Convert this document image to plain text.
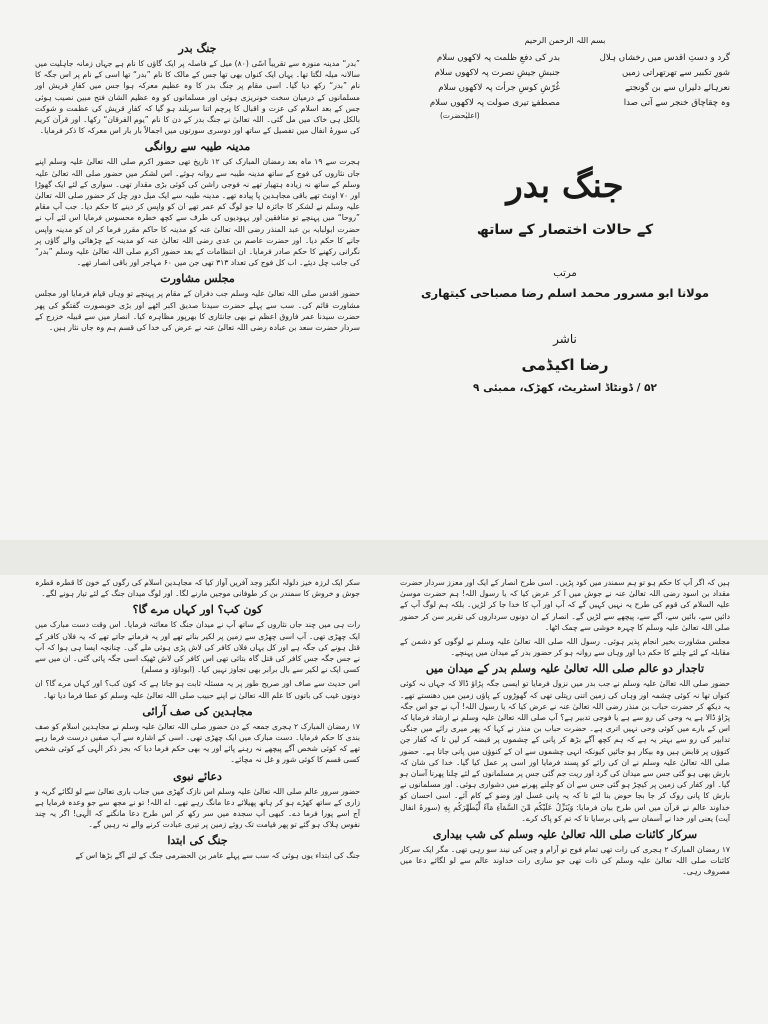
بسم اللہ الرحمن الرحیم
گرد و دستِ اقدس میں رخشاں ہلال
بدر کی دفعِ ظلمت پہ لاکھوں سلام
شورِ تکبیر سے تھرتھراتی زمیں
جنبشِ جیشِ نصرت پہ لاکھوں سلام
نعرہائے دلیراں سے بن گونجتے
غُرّشِ کوسِ جرأت پہ لاکھوں سلام
وہ چقاچاق خنجر سے آتی صدا
مصطفےٰ تیری صولت پہ لاکھوں سلام
(اعلیٰحضرت)
جنگ بدر
کے حالات اختصار کے ساتھ
مرتب
مولانا ابو مسرور محمد اسلم رضا مصباحی کیتھاری
ناشر
رضا اکیڈمی
۵۲ / ڈونٹاڈ اسٹریٹ، کھڑک، ممبئی ۹
جنگ بدر

”بدر“ مدینہ منورہ سے تقریباً اسّی (۸۰) میل کے فاصلہ پر ایک گاؤں کا نام ہے جہاں زمانہ جاہلیت میں سالانہ میلہ لگتا تھا۔ یہاں ایک کنواں بھی تھا جس کے مالک کا نام ”بدر“ تھا اسی کے نام پر اس جگہ کا نام ”بدر“ رکھ دیا گیا۔ اسی مقام پر جنگ بدر کا وہ عظیم معرکہ ہوا جس میں کفارِ قریش اور مسلمانوں کے درمیان سخت خونریزی ہوئی اور مسلمانوں کو وہ عظیم الشان فتح مبین نصیب ہوئی جس کے بعد اسلام کی عزت و اقبال کا پرچم اتنا سربلند ہو گیا کہ کفارِ قریش کی عظمت و شوکت بالکل ہی خاک میں مل گئی۔ اللہ تعالیٰ نے جنگ بدر کے دن کا نام ”یوم الفرقان“ رکھا۔ اور قرآن کریم کی سورۂ انفال میں تفصیل کے ساتھ اور دوسری سورتوں میں اجمالاً بار بار اس معرکہ کا ذکر فرمایا۔

مدینہ طیبہ سے روانگی

ہجرت سے ۱۹ ماہ بعد رمضان المبارک کی ۱۲ تاریخ تھی حضور اکرم صلی اللہ تعالیٰ علیہ وسلم اپنے جاں نثاروں کی فوج کے ساتھ مدینہ طیبہ سے روانہ ہوئے۔ اس لشکر میں حضور صلی اللہ تعالیٰ علیہ وسلم کے ساتھ نہ زیادہ ہتھیار تھے نہ فوجی راشن کی کوئی بڑی مقدار تھی۔ سواری کے لئے ایک گھوڑا اور ۷۰ اونٹ تھے باقی مجاہدین پا پیادہ تھے۔ مدینہ طیبہ سے ایک میل دور چل کر حضور صلی اللہ تعالیٰ علیہ وسلم نے لشکر کا جائزہ لیا جو لوگ کم عمر تھے ان کو واپس کر دینے کا حکم دیا۔ جب آپ مقام ”روحا“ میں پہنچے تو منافقین اور یہودیوں کی طرف سے کچھ خطرہ محسوس فرمایا اس لئے آپ نے حضرت ابولبابہ بن عبد المنذر رضی اللہ تعالیٰ عنہ کو مدینہ کا حاکم مقرر فرما کر ان کو مدینہ واپس جانے کا حکم دیا۔ اور حضرت عاصم بن عدی رضی اللہ تعالیٰ عنہ کو مدینہ کے چڑھائی والے گاؤں پر نگرانی رکھنے کا حکم صادر فرمایا۔ ان انتظامات کے بعد حضور اکرم صلی اللہ تعالیٰ علیہ وسلم ”بدر“ کی جانب چل دیئے۔ اب کل فوج کی تعداد ۳۱۳ تھی جن میں ۶۰ مہاجر اور باقی انصار تھے۔

مجلس مشاورت

حضور اقدس صلی اللہ تعالیٰ علیہ وسلم جب دفران کے مقام پر پہنچے تو وہاں قیام فرمایا اور مجلس مشاورت قائم کی۔ سب سے پہلے حضرت سیدنا صدیق اکبر اٹھے اور بڑی خوبصورت گفتگو کی پھر حضرت سیدنا عمر فاروق اعظم نے بھی جانثاری کا بھرپور مظاہرہ کیا۔ انصار میں سے قبیلہ خزرج کے سردار حضرت سعد بن عبادہ رضی اللہ تعالیٰ عنہ نے عرض کی خدا کی قسم ہم وہ جاں نثار ہیں۔

ہیں کہ اگر آپ کا حکم ہو تو ہم سمندر میں کود پڑیں۔ اسی طرح انصار کے ایک اور معزز سردار حضرت مقداد بن اسود رضی اللہ تعالیٰ عنہ نے جوش میں آ کر عرض کیا کہ یا رسول اللہ! ہم حضرت موسیٰ علیہ السلام کی قوم کی طرح یہ نہیں کہیں گے کہ آپ اور آپ کا خدا جا کر لڑیں۔ بلکہ ہم لوگ آپ کے دائیں سے، بائیں سے، آگے سے، پیچھے سے لڑیں گے۔ انصار کے ان دونوں سرداروں کی تقریر سن کر حضور صلی اللہ تعالیٰ علیہ وسلم کا چہرہ خوشی سے چمک اٹھا۔

مجلس مشاورت بخیر انجام پذیر ہوئی۔ رسول اللہ صلی اللہ تعالیٰ علیہ وسلم نے لوگوں کو دشمن کے مقابلہ کے لئے چلنے کا حکم دیا اور وہاں سے روانہ ہو کر حضور بدر کے میدان میں پہنچے۔

تاجدار دو عالم صلی اللہ تعالیٰ علیہ وسلم بدر کے میدان میں

حضور صلی اللہ تعالیٰ علیہ وسلم نے جب بدر میں نزول فرمایا تو ایسی جگہ پڑاؤ ڈالا کہ جہاں نہ کوئی کنواں تھا نہ کوئی چشمہ اور وہاں کی زمین اتنی ریتلی تھی کہ گھوڑوں کے پاؤں زمین میں دھنستے تھے۔ یہ دیکھ کر حضرت حباب بن منذر رضی اللہ تعالیٰ عنہ نے عرض کیا کہ یا رسول اللہ! آپ نے جو اس جگہ پڑاؤ ڈالا ہے یہ وحی کی رو سے ہے یا فوجی تدبیر ہے؟ آپ صلی اللہ تعالیٰ علیہ وسلم نے ارشاد فرمایا کہ اس کے بارے میں کوئی وحی نہیں اتری ہے۔ حضرت حباب بن منذر نے کہا کہ پھر میری رائے میں جنگی تدابیر کی رو سے بہتر یہ ہے کہ ہم کچھ آگے بڑھ کر پانی کے چشموں پر قبضہ کر لیں تا کہ کفار جن کنوؤں پر قابض ہیں وہ بیکار ہو جائیں کیونکہ انہی چشموں سے ان کے کنوؤں میں پانی جاتا ہے۔ حضور صلی اللہ تعالیٰ علیہ وسلم نے ان کی رائے کو پسند فرمایا اور اسی پر عمل کیا گیا۔ خدا کی شان کہ بارش بھی ہو گئی جس سے میدان کی گرد اور ریت جم گئی جس پر مسلمانوں کے لئے چلنا پھرنا آسان ہو گیا۔ اور کفار کی زمین پر کیچڑ ہو گئی جس سے ان کو چلنے پھرنے میں دشواری ہوئی۔ اور مسلمانوں نے بارش کا پانی روک کر جا بجا حوض بنا لئے تا کہ یہ پانی غسل اور وضو کے کام آئے۔ اسی احسان کو خداوند عالم نے قرآن میں اس طرح بیان فرمایا: وَيُنَزِّلُ عَلَيْكُم مِّنَ السَّمَآءِ مَآءً لِّيُطَهِّرَكُم بِهٖ (سورۂ انفال آیت) یعنی اور خدا نے آسمان سے پانی برسایا تا کہ تم کو پاک کرے۔

سرکار کائنات صلی اللہ تعالیٰ علیہ وسلم کی شب بیداری

۱۷ رمضان المبارک ۲ ہجری کی رات تھی تمام فوج تو آرام و چین کی نیند سو رہی تھی۔ مگر ایک سرکار کائنات صلی اللہ تعالیٰ علیہ وسلم کی ذات تھی جو ساری رات خداوند عالم سے لو لگائے دعا میں مصروف رہی۔

سکر ایک لرزہ خیز دلولہ انگیز وجد آفریں آواز کیا کہ مجاہدین اسلام کی رگوں کے خون کا قطرہ قطرہ جوش و خروش کا سمندر بن کر طوفانی موجیں مارنے لگا۔ اور لوگ میدان جنگ کے لئے تیار ہونے لگے۔

کون کب؟ اور کہاں مرے گا؟

رات ہی میں چند جاں نثاروں کے ساتھ آپ نے میدان جنگ کا معائنہ فرمایا۔ اس وقت دست مبارک میں ایک چھڑی تھی۔ آپ اسی چھڑی سے زمین پر لکیر بناتے تھے اور یہ فرماتے جاتے تھے کہ یہ فلاں کافر کے قتل ہونے کی جگہ ہے اور کل یہاں فلاں کافر کی لاش پڑی ہوئی ملے گی۔ چنانچہ ایسا ہی ہوا کہ آپ نے جس جگہ جس کافر کی قتل گاہ بتائی تھی اس کافر کی لاش ٹھیک اسی جگہ پائی گئی۔ ان میں سے کسی ایک نے لکیر سے بال برابر بھی تجاوز نہیں کیا۔ (ابوداؤد و مسلم)

اس حدیث سے صاف اور صریح طور پر یہ مسئلہ ثابت ہو جاتا ہے کہ کون کب؟ اور کہاں مرے گا؟ ان دونوں غیب کی باتوں کا علم اللہ تعالیٰ نے اپنے حبیب صلی اللہ تعالیٰ علیہ وسلم کو عطا فرما دیا تھا۔

مجاہدین کی صف آرائی

۱۷ رمضان المبارک ۲ ہجری جمعہ کے دن حضور صلی اللہ تعالیٰ علیہ وسلم نے مجاہدین اسلام کو صف بندی کا حکم فرمایا۔ دست مبارک میں ایک چھڑی تھی۔ اسی کے اشارہ سے آپ صفیں درست فرما رہے تھے کہ کوئی شخص آگے پیچھے نہ رہنے پائے اور یہ بھی حکم فرما دیا کہ بجز ذکر الٰہی کے کوئی شخص کسی قسم کا کوئی شور و غل نہ مچائے۔

دعائے نبوی

حضور سرور عالم صلی اللہ تعالیٰ علیہ وسلم اس نازک گھڑی میں جناب باری تعالیٰ سے لو لگائے گریہ و زاری کے ساتھ کھڑے ہو کر ہاتھ پھیلائے دعا مانگ رہے تھے۔ اے اللہ! تو نے مجھ سے جو وعدہ فرمایا ہے آج اسے پورا فرما دے۔ کبھی آپ سجدہ میں سر رکھ کر اس طرح دعا مانگتے کہ الٰہی! اگر یہ چند نفوس ہلاک ہو گئے تو پھر قیامت تک روئے زمین پر تیری عبادت کرنے والے نہ رہیں گے۔

جنگ کی ابتدا

جنگ کی ابتداء یوں ہوئی کہ سب سے پہلے عامر بن الحضرمی جنگ کے لئے آگے بڑھا اس کے
